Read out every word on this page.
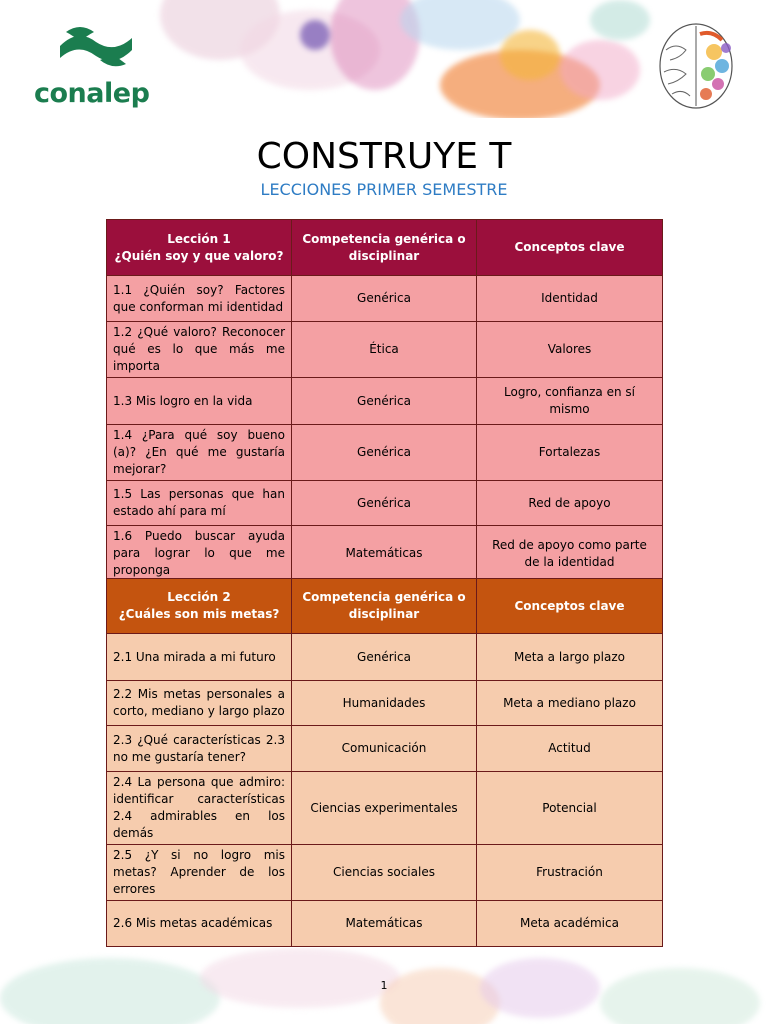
conalep
CONSTRUYE T
LECCIONES PRIMER SEMESTRE
Lección 1
¿Quién soy y que valoro?	Competencia genérica o disciplinar	Conceptos clave
1.1 ¿Quién soy? Factores que conforman mi identidad	Genérica	Identidad
1.2 ¿Qué valoro? Reconocer qué es lo que más me importa	Ética	Valores
1.3 Mis logro en la vida	Genérica	Logro, confianza en sí mismo
1.4 ¿Para qué soy bueno (a)? ¿En qué me gustaría mejorar?	Genérica	Fortalezas
1.5 Las personas que han estado ahí para mí	Genérica	Red de apoyo
1.6 Puedo buscar ayuda para lograr lo que me proponga	Matemáticas	Red de apoyo como parte de la identidad
Lección 2
¿Cuáles son mis metas?	Competencia genérica o disciplinar	Conceptos clave
2.1 Una mirada a mi futuro	Genérica	Meta a largo plazo
2.2 Mis metas personales a corto, mediano y largo plazo	Humanidades	Meta a mediano plazo
2.3 ¿Qué características 2.3 no me gustaría tener?	Comunicación	Actitud
2.4 La persona que admiro: identificar características 2.4 admirables en los demás	Ciencias experimentales	Potencial
2.5 ¿Y si no logro mis metas? Aprender de los errores	Ciencias sociales	Frustración
2.6 Mis metas académicas	Matemáticas	Meta académica
1
